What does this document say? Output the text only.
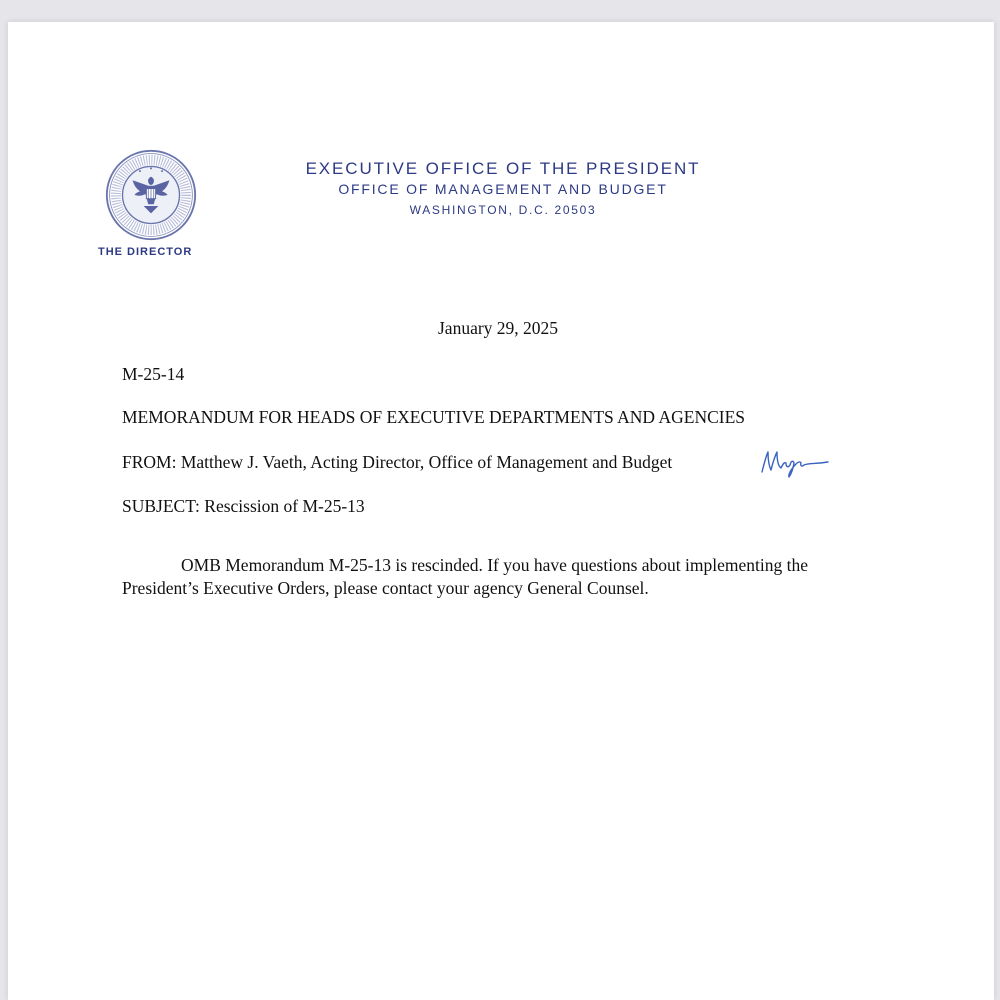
THE DIRECTOR
EXECUTIVE OFFICE OF THE PRESIDENT
OFFICE OF MANAGEMENT AND BUDGET
WASHINGTON, D.C. 20503
January 29, 2025
M-25-14
MEMORANDUM FOR HEADS OF EXECUTIVE DEPARTMENTS AND AGENCIES
FROM: Matthew J. Vaeth, Acting Director, Office of Management and Budget
SUBJECT: Rescission of M-25-13
OMB Memorandum M-25-13 is rescinded. If you have questions about implementing the
President’s Executive Orders, please contact your agency General Counsel.
